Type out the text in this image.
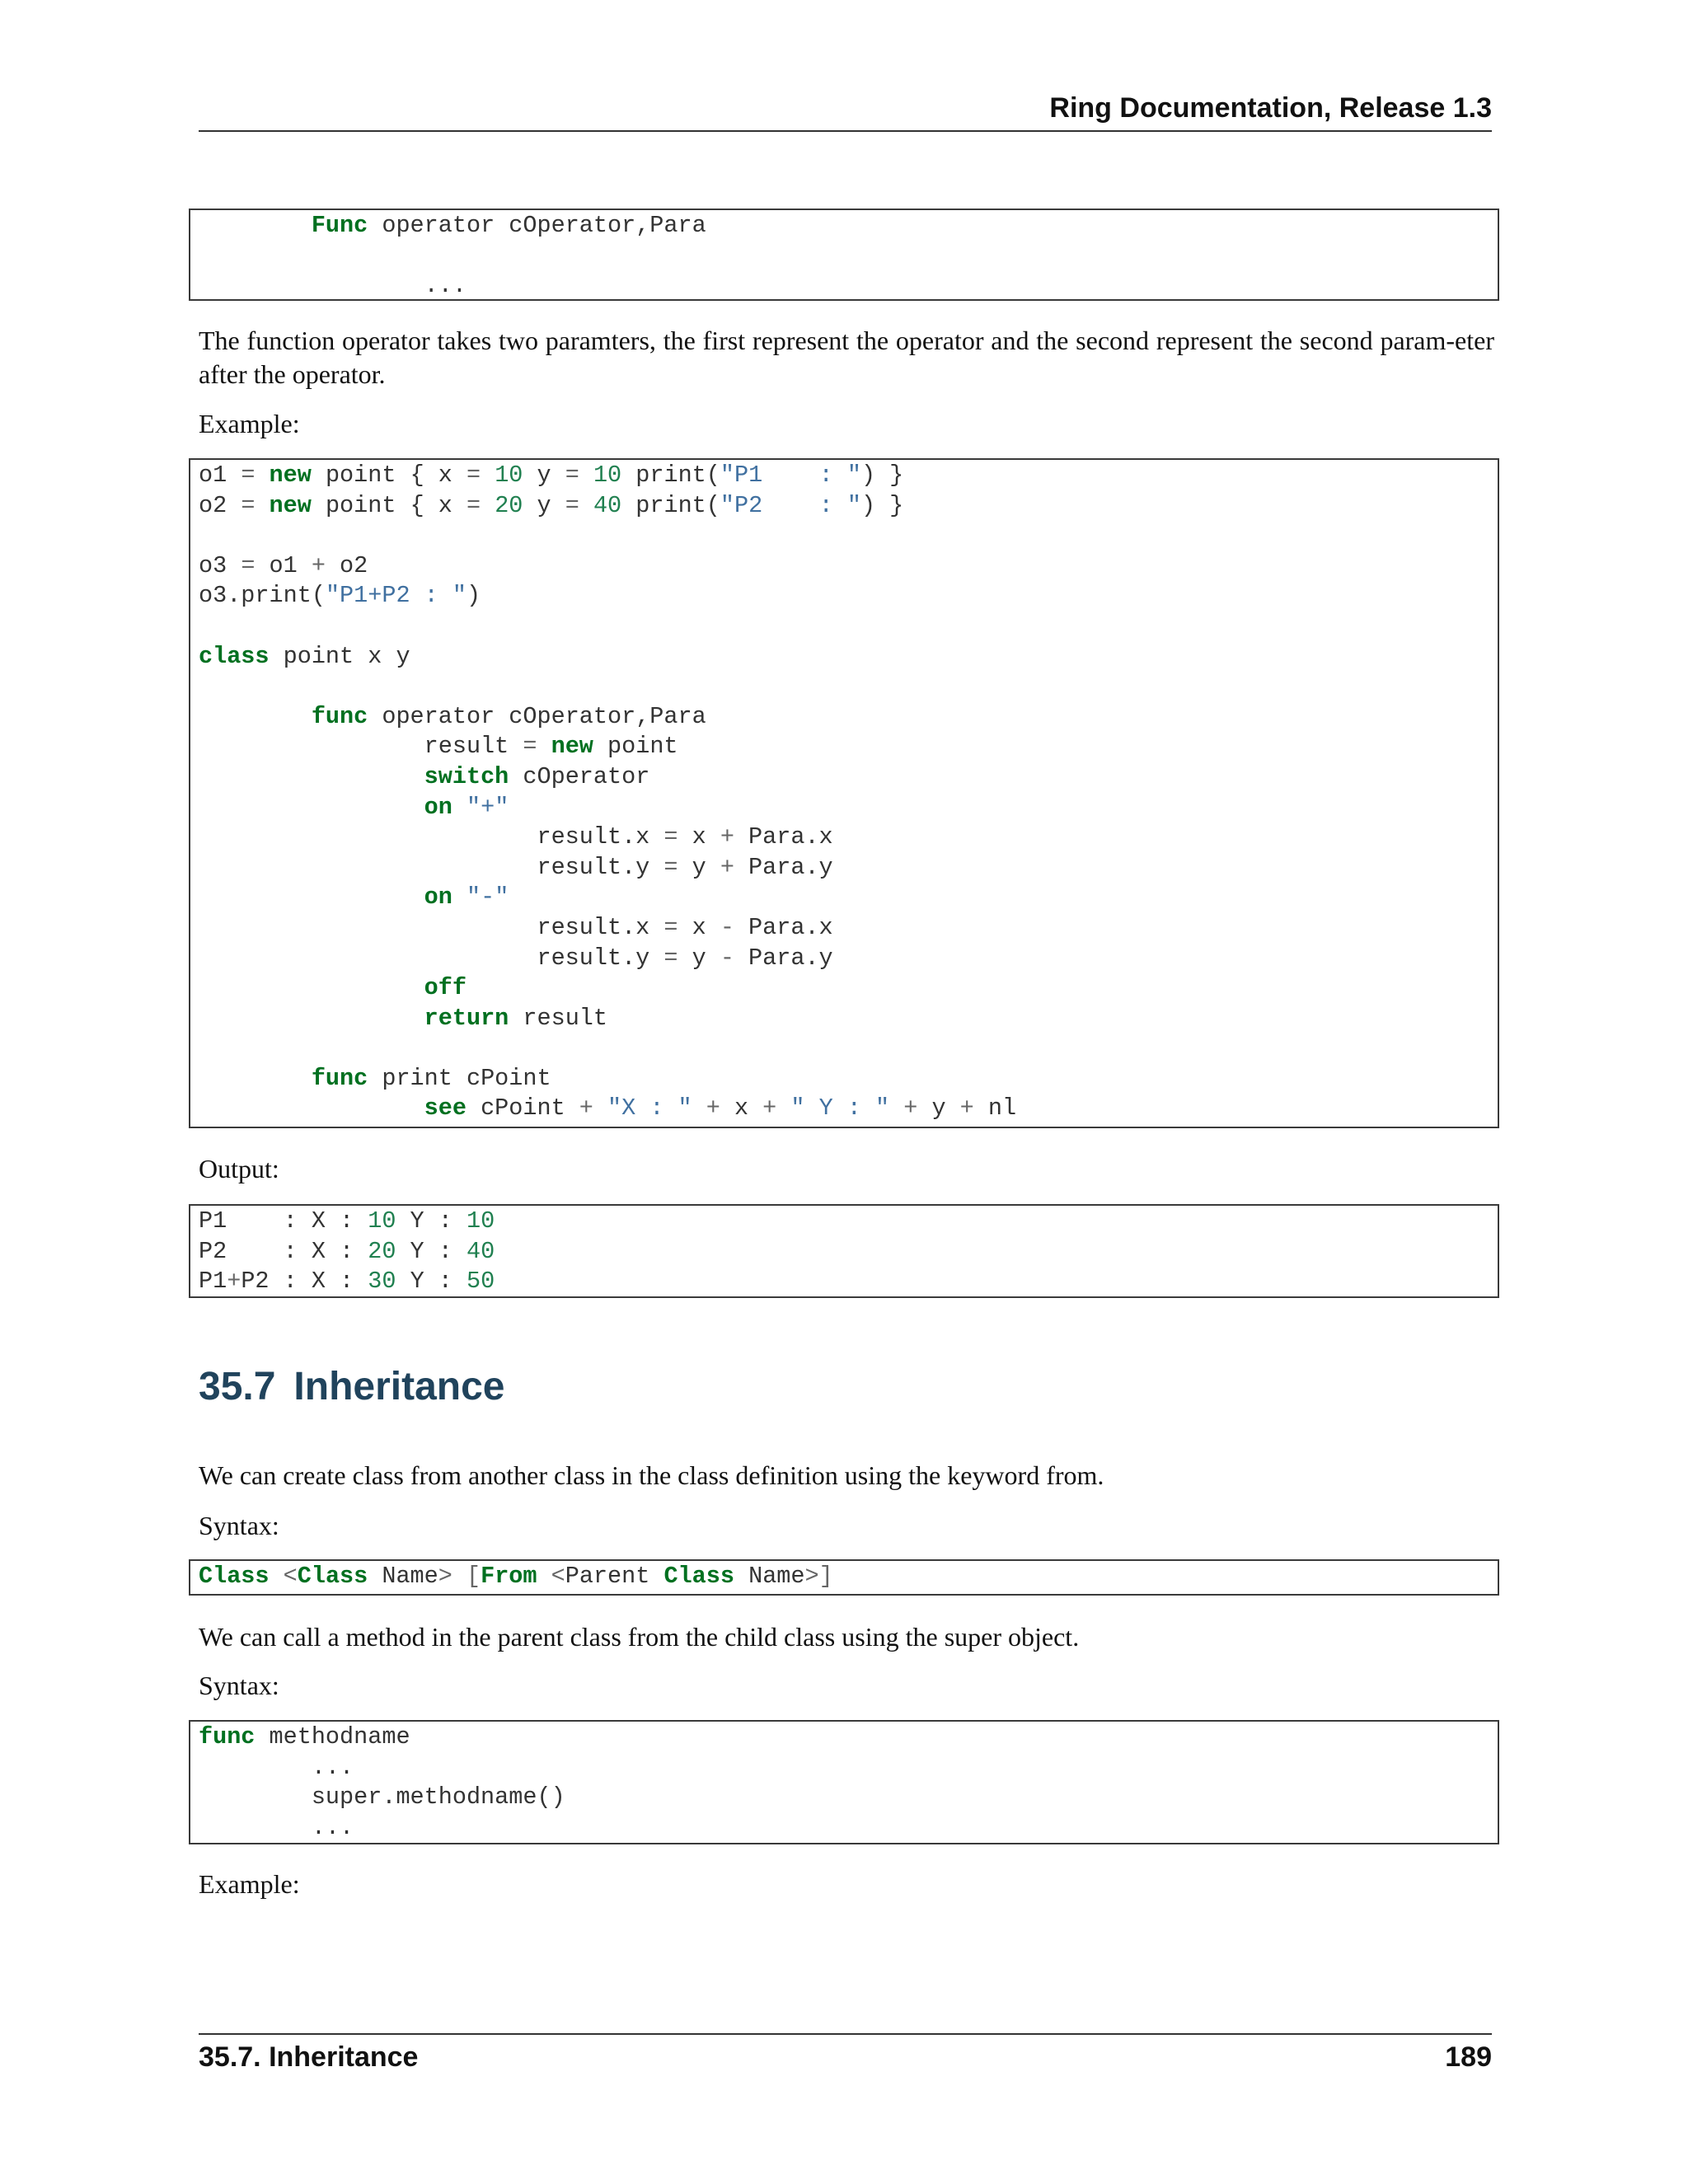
Ring Documentation, Release 1.3
Func operator cOperator,Para
...
The function operator takes two paramters, the first represent the operator and the second represent the second param-eter after the operator.
Example:
o1 = new point { x = 10 y = 10 print("P1    : ") }
o2 = new point { x = 20 y = 40 print("P2    : ") }
o3 = o1 + o2
o3.print("P1+P2 : ")
class point x y
func operator cOperator,Para
result = new point
switch cOperator
on "+"
result.x = x + Para.x
result.y = y + Para.y
on "-"
result.x = x - Para.x
result.y = y - Para.y
off
return result
func print cPoint
see cPoint + "X : " + x + " Y : " + y + nl
Output:
P1    : X : 10 Y : 10
P2    : X : 20 Y : 40
P1+P2 : X : 30 Y : 50
35.7 Inheritance
We can create class from another class in the class definition using the keyword from.
Syntax:
Class <Class Name> [From <Parent Class Name>]
We can call a method in the parent class from the child class using the super object.
Syntax:
func methodname
...
super.methodname()
...
Example:
35.7. Inheritance	189
